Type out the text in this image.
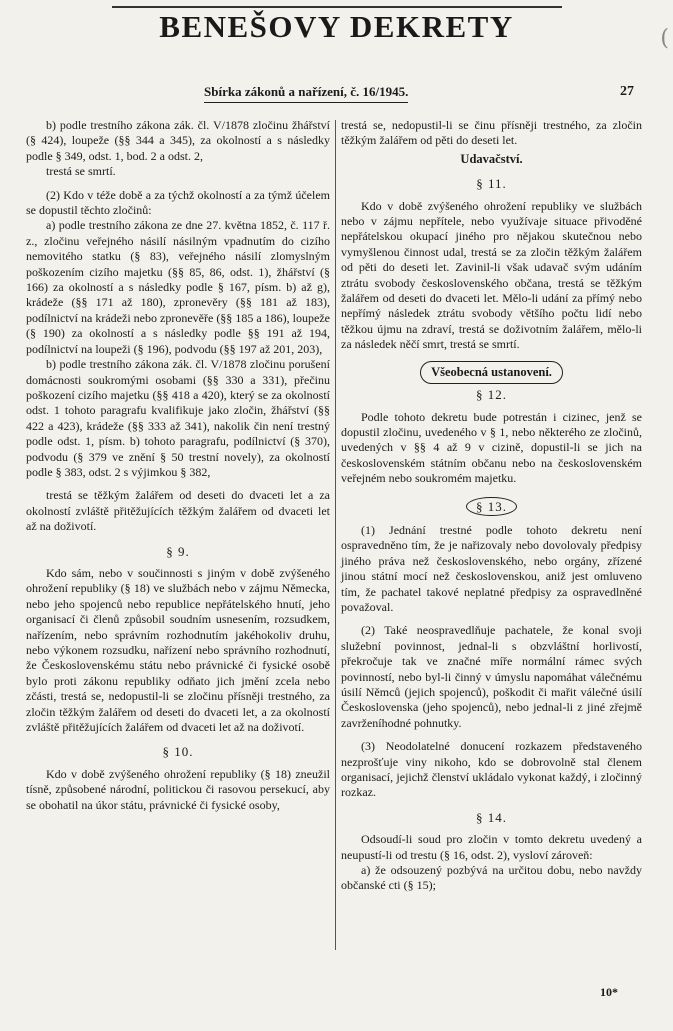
BENEŠOVY DEKRETY	(
Sbírka zákonů a nařízení, č. 16/1945.	27

b) podle trestního zákona zák. čl. V/1878 zločinu žhářství (§ 424), loupeže (§§ 344 a 345), za okolností a s následky podle § 349, odst. 1, bod. 2 a odst. 2,

trestá se smrtí.

(2) Kdo v téže době a za týchž okolností a za týmž účelem se dopustil těchto zločinů:

a) podle trestního zákona ze dne 27. května 1852, č. 117 ř. z., zločinu veřejného násilí násilným vpadnutím do cizího nemovitého statku (§ 83), veřejného násilí zlomyslným poškozením cizího majetku (§§ 85, 86, odst. 1), žhářství (§ 166) za okolností a s následky podle § 167, písm. b) až g), krádeže (§§ 171 až 180), zpronevěry (§§ 181 až 183), podílnictví na krádeži nebo zpronevěře (§§ 185 a 186), loupeže (§ 190) za okolností a s následky podle §§ 191 až 194, podílnictví na loupeži (§ 196), podvodu (§§ 197 až 201, 203),

b) podle trestního zákona zák. čl. V/1878 zločinu porušení domácnosti soukromými osobami (§§ 330 a 331), přečinu poškození cizího majetku (§§ 418 a 420), který se za okolností odst. 1 tohoto paragrafu kvalifikuje jako zločin, žhářství (§§ 422 a 423), krádeže (§§ 333 až 341), nakolik čin není trestný podle odst. 1, písm. b) tohoto paragrafu, podílnictví (§ 370), podvodu (§ 379 ve znění § 50 trestní novely), za okolností podle § 383, odst. 2 s výjimkou § 382,

trestá se těžkým žalářem od deseti do dvaceti let a za okolností zvláště přitěžujících těžkým žalářem od dvaceti let až na doživotí.

§ 9.

Kdo sám, nebo v součinnosti s jiným v době zvýšeného ohrožení republiky (§ 18) ve službách nebo v zájmu Německa, nebo jeho spojenců nebo republice nepřátelského hnutí, jeho organisací či členů způsobil soudním usnesením, rozsudkem, nařízením, nebo správním rozhodnutím jakéhokoliv druhu, nebo výkonem rozsudku, nařízení nebo správního rozhodnutí, že Československému státu nebo právnické či fysické osobě bylo proti zákonu republiky odňato jich jmění zcela nebo zčásti, trestá se, nedopustil-li se zločinu přísněji trestného, za zločin těžkým žalářem od deseti do dvaceti let, a za okolností zvláště přitěžujících žalářem od dvaceti let až na doživotí.

§ 10.

Kdo v době zvýšeného ohrožení republiky (§ 18) zneužil tísně, způsobené národní, politickou či rasovou persekucí, aby se obohatil na úkor státu, právnické či fysické osoby,

trestá se, nedopustil-li se činu přísněji trestného, za zločin těžkým žalářem od pěti do deseti let.

Udavačství.

§ 11.

Kdo v době zvýšeného ohrožení republiky ve službách nebo v zájmu nepřítele, nebo využívaje situace přivoděné nepřátelskou okupací jiného pro nějakou skutečnou nebo vymyšlenou činnost udal, trestá se za zločin těžkým žalářem od pěti do deseti let. Zavinil-li však udavač svým udáním ztrátu svobody československého občana, trestá se těžkým žalářem od deseti do dvaceti let. Mělo-li udání za přímý nebo nepřímý následek ztrátu svobody většího počtu lidí nebo těžkou újmu na zdraví, trestá se doživotním žalářem, mělo-li za následek něčí smrt, trestá se smrtí.

Všeobecná ustanovení.

§ 12.

Podle tohoto dekretu bude potrestán i cizinec, jenž se dopustil zločinu, uvedeného v § 1, nebo některého ze zločinů, uvedených v §§ 4 až 9 v cizině, dopustil-li se jich na československém státním občanu nebo na československém veřejném nebo soukromém majetku.

§ 13.

(1) Jednání trestné podle tohoto dekretu není ospravedněno tím, že je nařizovaly nebo dovolovaly předpisy jiného práva než československého, nebo orgány, zřízené jinou státní mocí než československou, aniž jest omluveno tím, že pachatel takové neplatné předpisy za ospravedlněné považoval.

(2) Také neospravedlňuje pachatele, že konal svoji služební povinnost, jednal-li s obzvláštní horlivostí, překročuje tak ve značné míře normální rámec svých povinností, nebo byl-li činný v úmyslu napomáhat válečnému úsilí Němců (jejich spojenců), poškodit či mařit válečné úsilí Československa (jeho spojenců), nebo jednal-li z jiné zřejmě zavrženíhodné pohnutky.

(3) Neodolatelné donucení rozkazem představeného nezprošťuje viny nikoho, kdo se dobrovolně stal členem organisací, jejichž členství ukládalo vykonat každý, i zločinný rozkaz.

§ 14.

Odsoudí-li soud pro zločin v tomto dekretu uvedený a neupustí-li od trestu (§ 16, odst. 2), vysloví zároveň:

a) že odsouzený pozbývá na určitou dobu, nebo navždy občanské cti (§ 15);

10*
